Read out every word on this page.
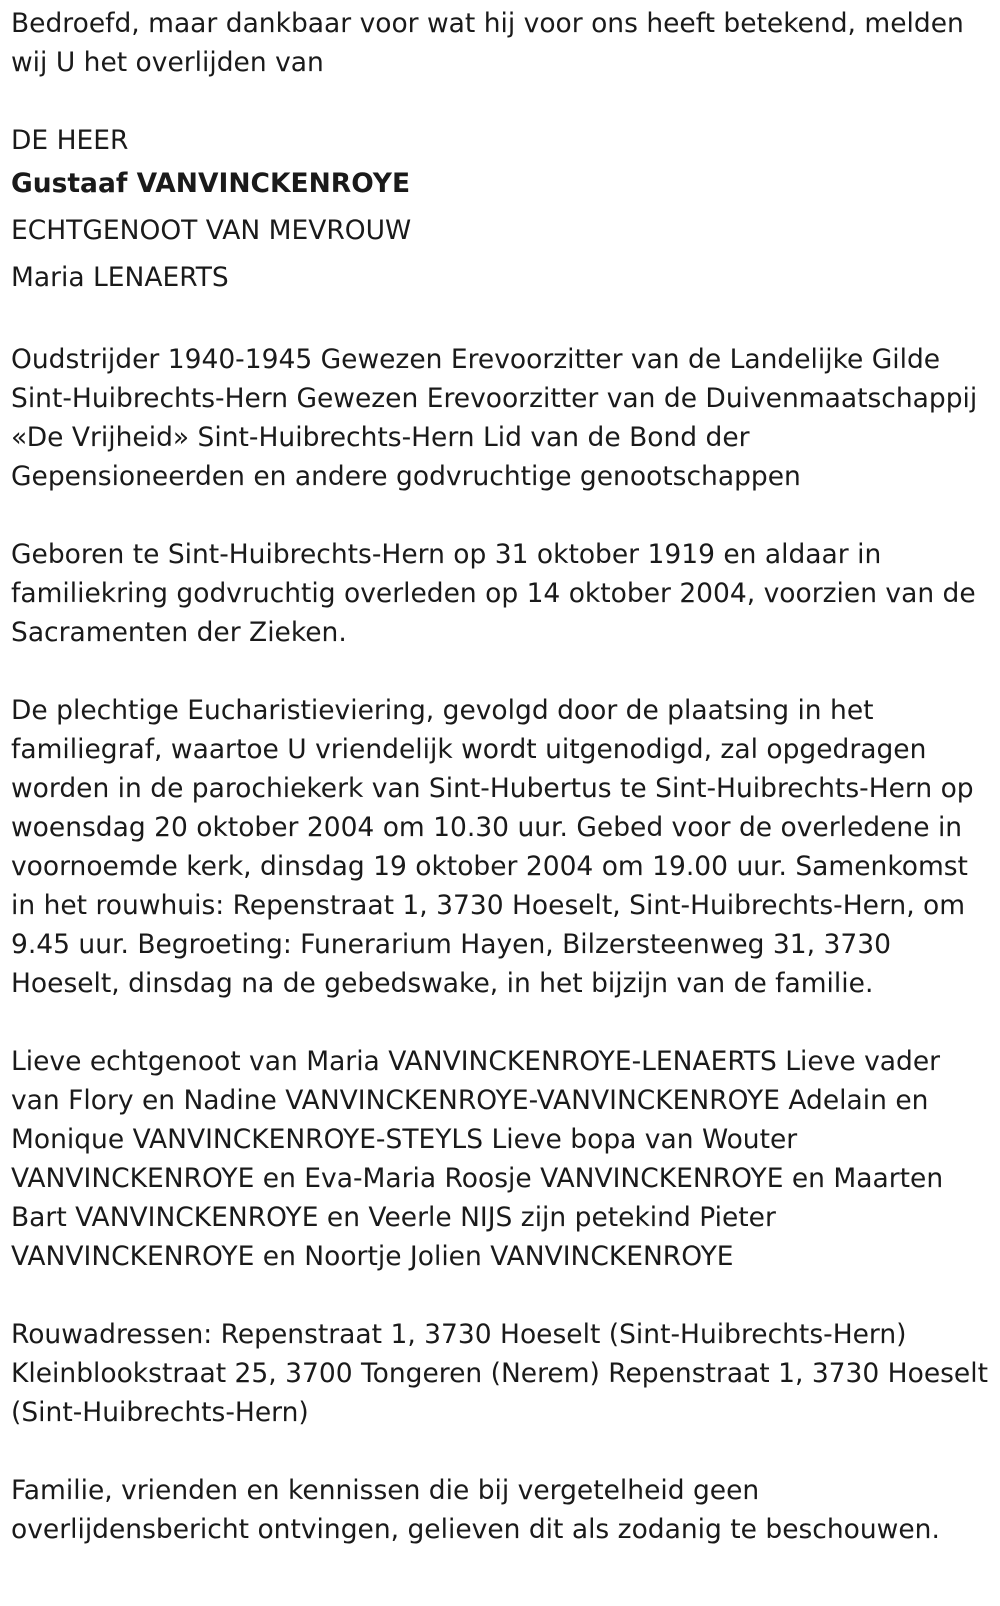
Bedroefd, maar dankbaar voor wat hij voor ons heeft betekend, melden wij U het overlijden van

DE HEER

Gustaaf VANVINCKENROYE

ECHTGENOOT VAN MEVROUW

Maria LENAERTS

Oudstrijder 1940-1945 Gewezen Erevoorzitter van de Landelijke Gilde Sint-Huibrechts-Hern Gewezen Erevoorzitter van de Duivenmaatschappij «De Vrijheid» Sint-Huibrechts-Hern Lid van de Bond der Gepensioneerden en andere godvruchtige genootschappen

Geboren te Sint-Huibrechts-Hern op 31 oktober 1919 en aldaar in familiekring godvruchtig overleden op 14 oktober 2004, voorzien van de Sacramenten der Zieken.

De plechtige Eucharistieviering, gevolgd door de plaatsing in het familiegraf, waartoe U vriendelijk wordt uitgenodigd, zal opgedragen worden in de parochiekerk van Sint-Hubertus te Sint-Huibrechts-Hern op woensdag 20 oktober 2004 om 10.30 uur. Gebed voor de overledene in voornoemde kerk, dinsdag 19 oktober 2004 om 19.00 uur. Samenkomst in het rouwhuis: Repenstraat 1, 3730 Hoeselt, Sint-Huibrechts-Hern, om 9.45 uur. Begroeting: Funerarium Hayen, Bilzersteenweg 31, 3730 Hoeselt, dinsdag na de gebedswake, in het bijzijn van de familie.

Lieve echtgenoot van Maria VANVINCKENROYE-LENAERTS Lieve vader van Flory en Nadine VANVINCKENROYE-VANVINCKENROYE Adelain en Monique VANVINCKENROYE-STEYLS Lieve bopa van Wouter VANVINCKENROYE en Eva-Maria Roosje VANVINCKENROYE en Maarten Bart VANVINCKENROYE en Veerle NIJS zijn petekind Pieter VANVINCKENROYE en Noortje Jolien VANVINCKENROYE

Rouwadressen: Repenstraat 1, 3730 Hoeselt (Sint-Huibrechts-Hern) Kleinblookstraat 25, 3700 Tongeren (Nerem) Repenstraat 1, 3730 Hoeselt (Sint-Huibrechts-Hern)

Familie, vrienden en kennissen die bij vergetelheid geen overlijdensbericht ontvingen, gelieven dit als zodanig te beschouwen.
